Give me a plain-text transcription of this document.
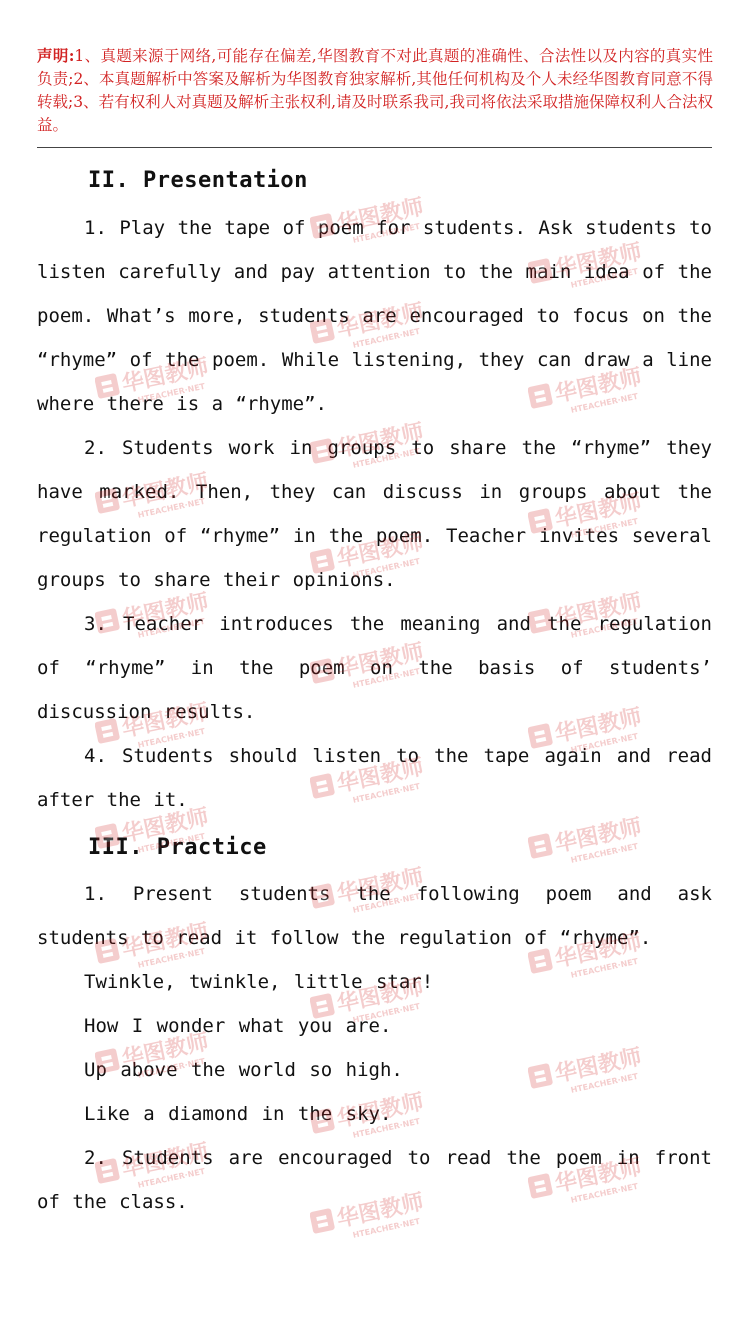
声明:1、真题来源于网络,可能存在偏差,华图教育不对此真题的准确性、合法性以及内容的真实性负责;2、本真题解析中答案及解析为华图教育独家解析,其他任何机构及个人未经华图教育同意不得转载;3、若有权利人对真题及解析主张权利,请及时联系我司,我司将依法采取措施保障权利人合法权益。
II. Presentation
1. Play the tape of poem for students. Ask students to listen carefully and pay attention to the main idea of the poem. What’s more, students are encouraged to focus on the “rhyme” of the poem. While listening, they can draw a line where there is a “rhyme”.
2. Students work in groups to share the “rhyme” they have marked. Then, they can discuss in groups about the regulation of “rhyme” in the poem. Teacher invites several groups to share their opinions.
3. Teacher introduces the meaning and the regulation of “rhyme” in the poem on the basis of students’ discussion results.
4. Students should listen to the tape again and read after the it.
III. Practice
1. Present students the following poem and ask students to read it follow the regulation of “rhyme”.
Twinkle, twinkle, little star!
How I wonder what you are.
Up above the world so high.
Like a diamond in the sky.
2. Students are encouraged to read the poem in front of the class.
